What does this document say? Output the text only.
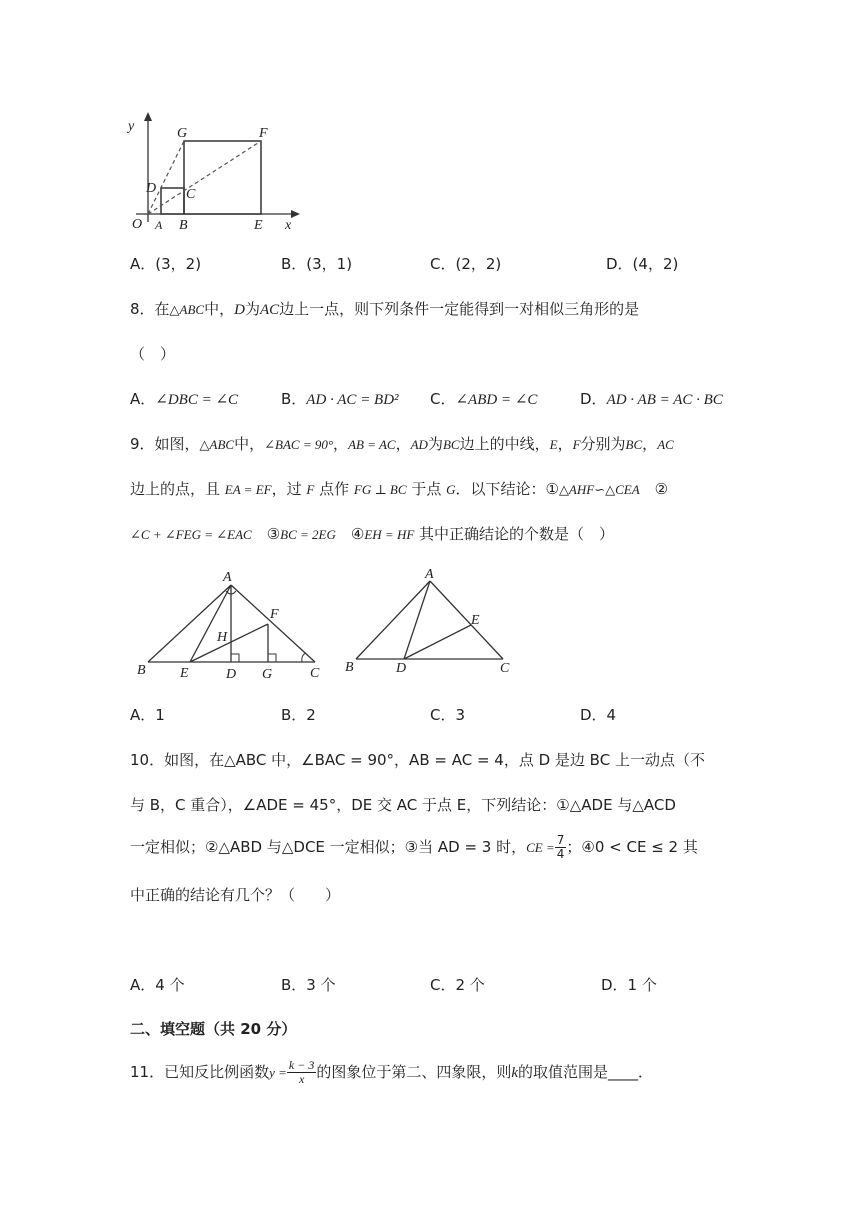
y
x
O A B
C
D
E
F
G
A．(3，2)	B．(3，1)	C．(2，2)	D．(4，2)
8．在△ABC中，D为AC边上一点，则下列条件一定能得到一对相似三角形的是
（　）
A．∠DBC = ∠C	B．AD · AC = BD² C．∠ABD = ∠C	D．AD · AB = AC · BC
9．如图，△ABC中，∠BAC = 90°，AB = AC，AD为BC边上的中线，E，F分别为BC，AC
边上的点，且 EA = EF，过 F 点作 FG ⊥ BC 于点 G．以下结论：①△AHF∽△CEA　②
∠C + ∠FEG = ∠EAC　③BC = 2EG　④EH = HF 其中正确结论的个数是（　）
A
B	C
D
E
F
G
H
A
B	C
D
E
A．1	B．2	C．3	D．4
10．如图，在△ABC 中，∠BAC = 90°，AB = AC = 4，点 D 是边 BC 上一动点（不
与 B，C 重合），∠ADE = 45°，DE 交 AC 于点 E，下列结论：①△ADE 与△ACD
一定相似；②△ABD 与△DCE 一定相似；③当 AD = 3 时，CE = $\frac{7}{4}$ ；④0 < CE ≤ 2 其
中正确的结论有几个？（　　）
A．4 个	B．3 个	C．2 个	D．1 个
二、填空题（共 20 分）
11．已知反比例函数$y = \frac{k - 3}{x}$ 的图象位于第二、四象限，则k的取值范围是____．
